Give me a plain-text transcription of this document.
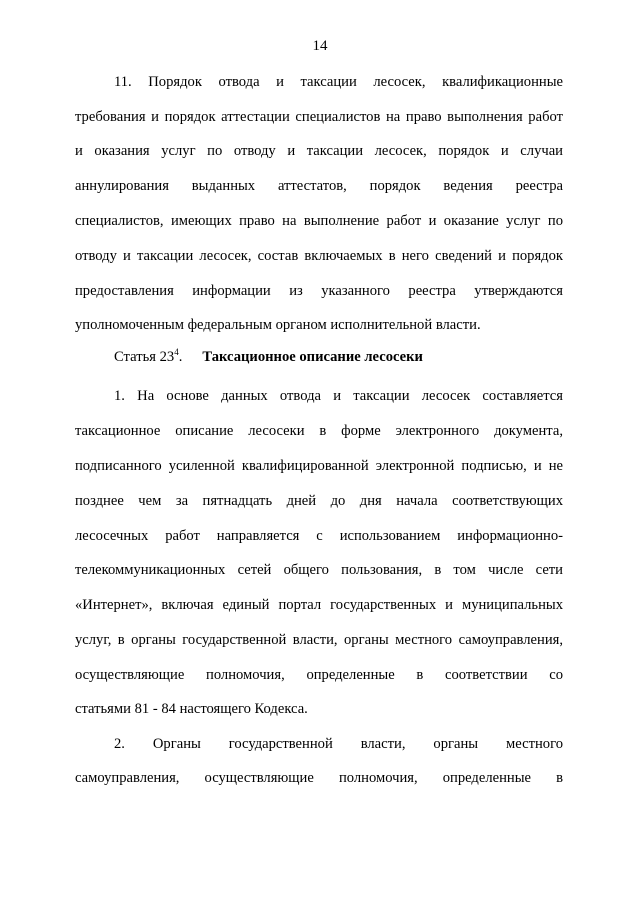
14
11. Порядок отвода и таксации лесосек, квалификационные
требования и порядок аттестации специалистов на право выполнения работ
и оказания услуг по отводу и таксации лесосек, порядок и случаи
аннулирования выданных аттестатов, порядок ведения реестра
специалистов, имеющих право на выполнение работ и оказание услуг по
отводу и таксации лесосек, состав включаемых в него сведений и порядок
предоставления информации из указанного реестра утверждаются
уполномоченным федеральным органом исполнительной власти.
Статья $23^4$. Таксационное описание лесосеки
1. На основе данных отвода и таксации лесосек составляется
таксационное описание лесосеки в форме электронного документа,
подписанного усиленной квалифицированной электронной подписью, и не
позднее чем за пятнадцать дней до дня начала соответствующих
лесосечных работ направляется с использованием информационно-
телекоммуникационных сетей общего пользования, в том числе сети
«Интернет», включая единый портал государственных и муниципальных
услуг, в органы государственной власти, органы местного самоуправления,
осуществляющие полномочия, определенные в соответствии со
статьями 81 - 84 настоящего Кодекса.
2. Органы государственной власти, органы местного
самоуправления, осуществляющие полномочия, определенные в
